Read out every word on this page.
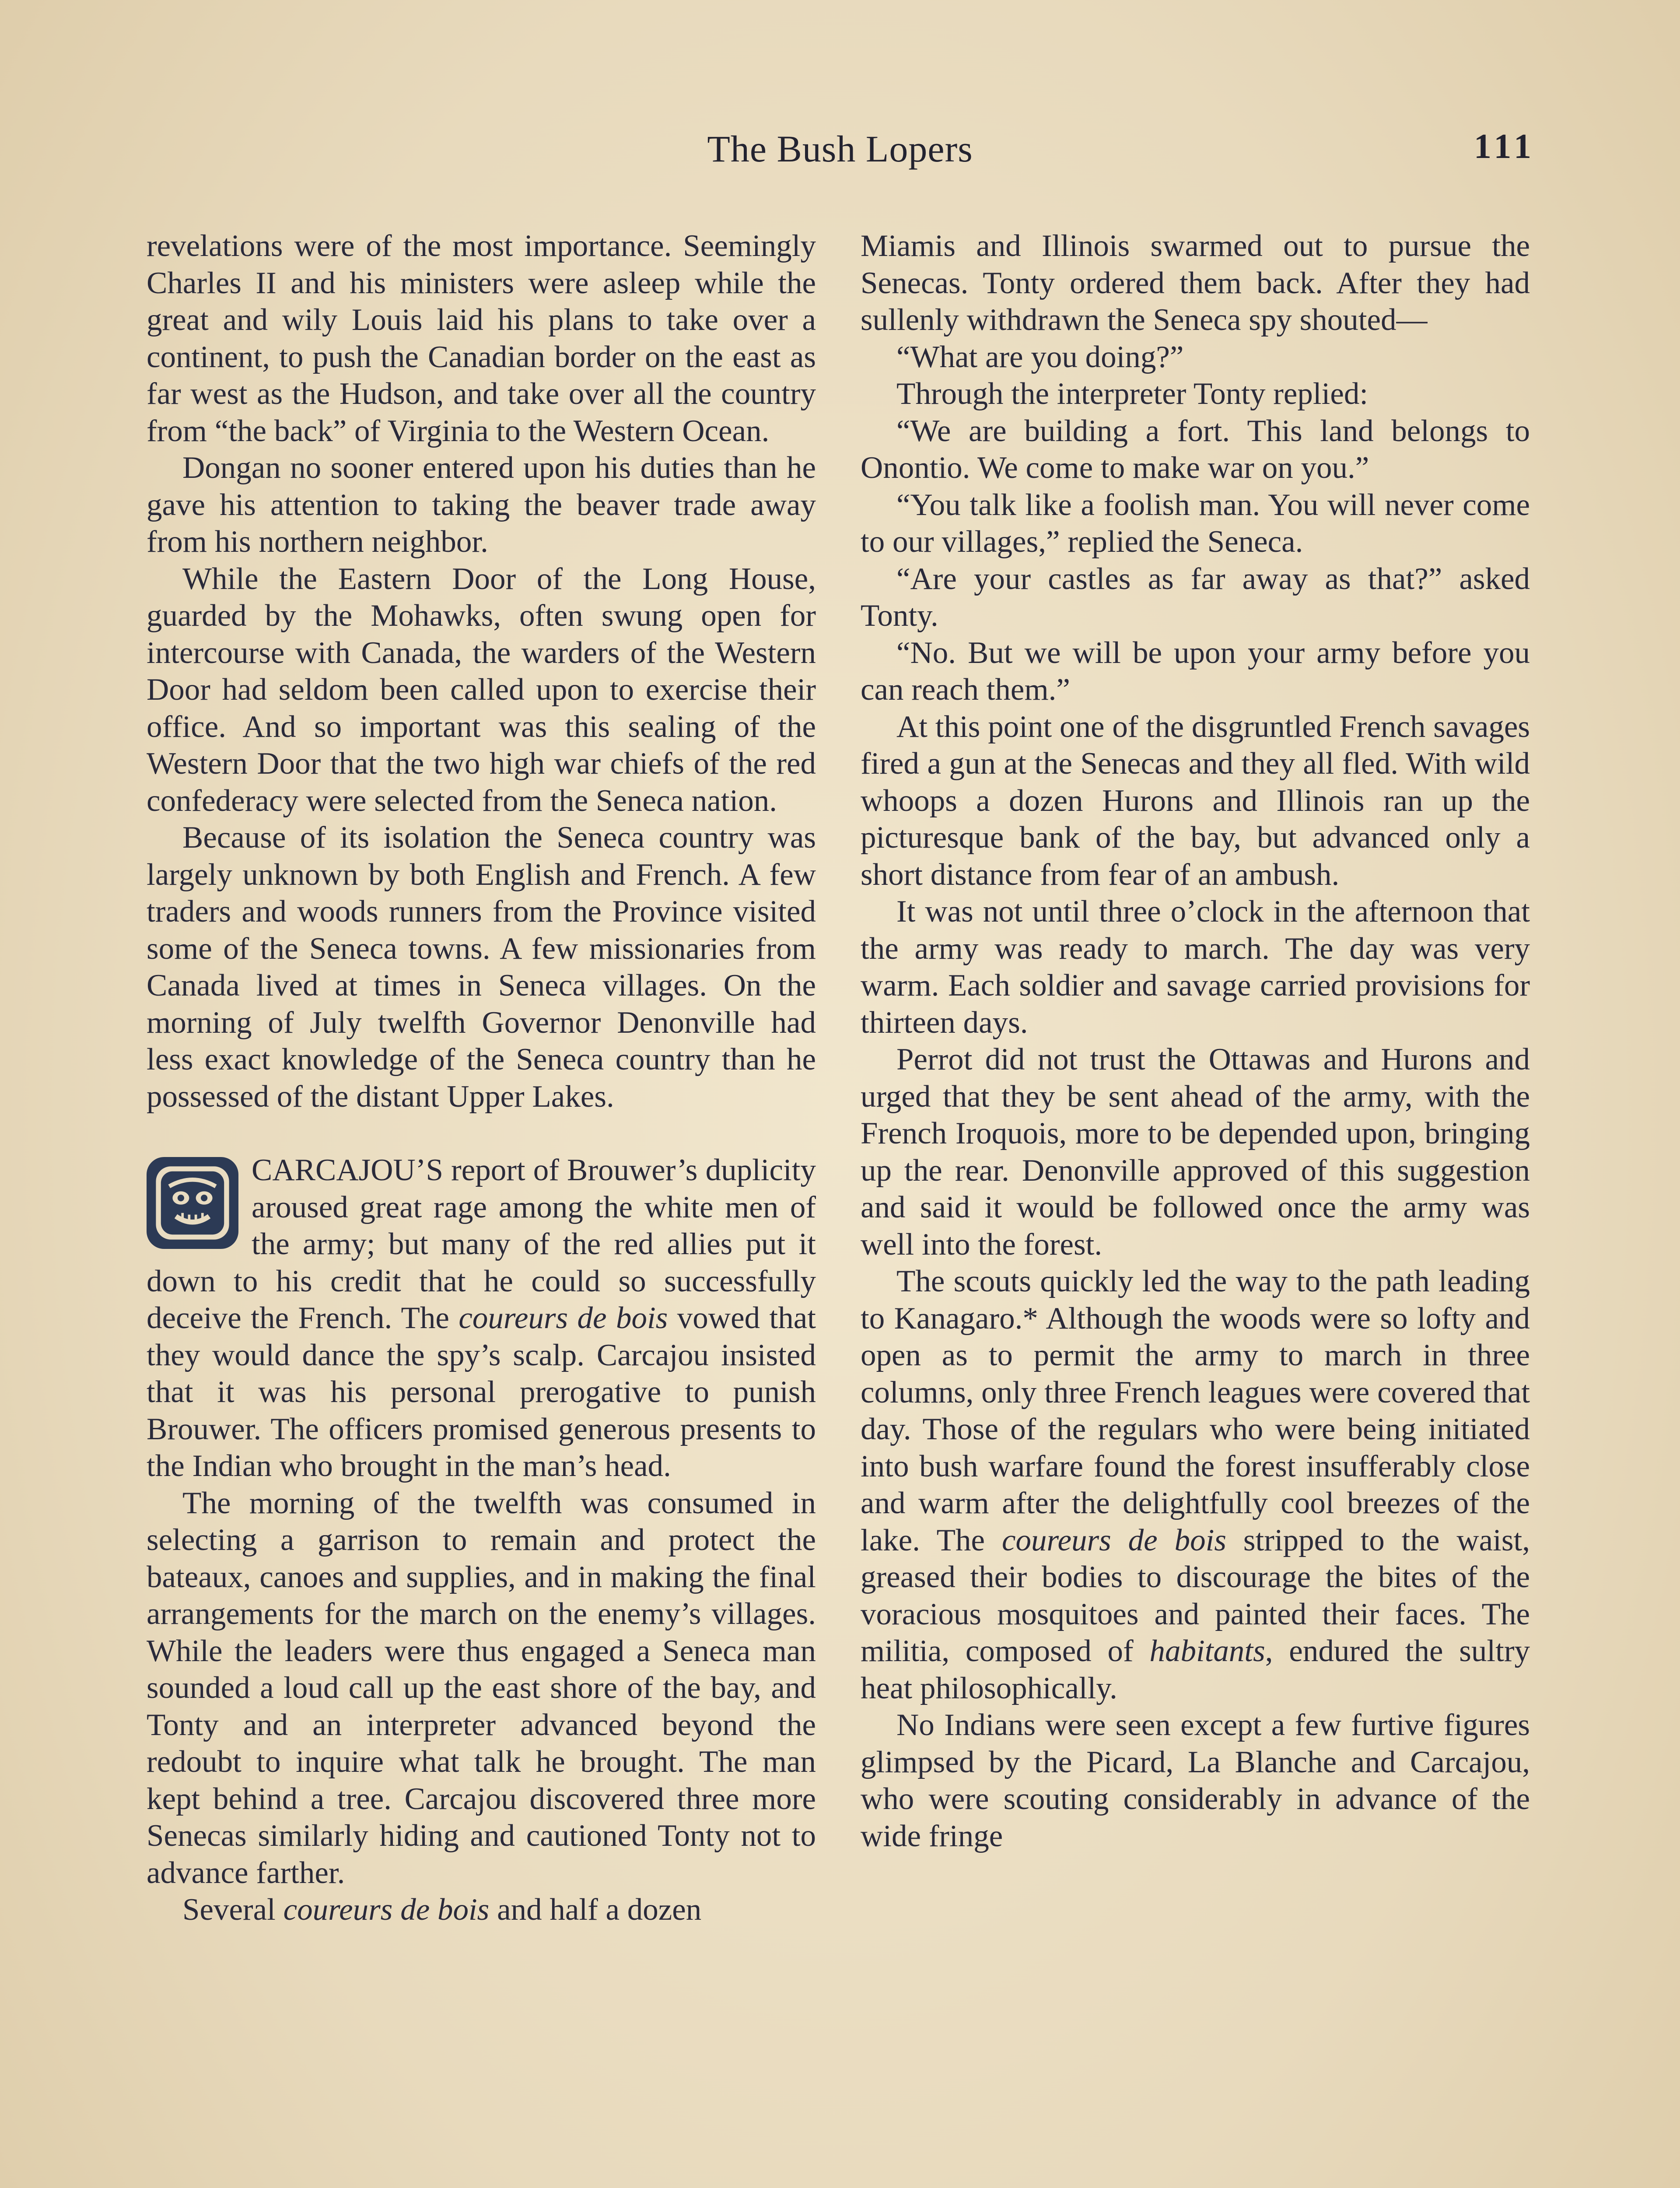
The Bush Lopers	111

revelations were of the most importance. Seemingly Charles II and his ministers were asleep while the great and wily Louis laid his plans to take over a continent, to push the Canadian border on the east as far west as the Hudson, and take over all the country from “the back” of Virginia to the Western Ocean.

Dongan no sooner entered upon his duties than he gave his attention to taking the beaver trade away from his northern neighbor.

While the Eastern Door of the Long House, guarded by the Mohawks, often swung open for intercourse with Canada, the warders of the Western Door had seldom been called upon to exercise their office. And so important was this sealing of the Western Door that the two high war chiefs of the red confederacy were selected from the Seneca nation.

Because of its isolation the Seneca country was largely unknown by both English and French. A few traders and woods runners from the Province visited some of the Seneca towns. A few missionaries from Canada lived at times in Seneca villages. On the morning of July twelfth Governor Denonville had less exact knowledge of the Seneca country than he possessed of the distant Upper Lakes.

CARCAJOU’S report of Brouwer’s duplicity aroused great rage among the white men of the army; but many of the red allies put it down to his credit that he could so successfully deceive the French. The coureurs de bois vowed that they would dance the spy’s scalp. Carcajou insisted that it was his personal prerogative to punish Brouwer. The officers promised generous presents to the Indian who brought in the man’s head.

The morning of the twelfth was consumed in selecting a garrison to remain and protect the bateaux, canoes and supplies, and in making the final arrangements for the march on the enemy’s villages. While the leaders were thus engaged a Seneca man sounded a loud call up the east shore of the bay, and Tonty and an interpreter advanced beyond the redoubt to inquire what talk he brought. The man kept behind a tree. Carcajou discovered three more Senecas similarly hiding and cautioned Tonty not to advance farther.

Several coureurs de bois and half a dozen

Miamis and Illinois swarmed out to pursue the Senecas. Tonty ordered them back. After they had sullenly withdrawn the Seneca spy shouted—

“What are you doing?”

Through the interpreter Tonty replied:

“We are building a fort. This land belongs to Onontio. We come to make war on you.”

“You talk like a foolish man. You will never come to our villages,” replied the Seneca.

“Are your castles as far away as that?” asked Tonty.

“No. But we will be upon your army before you can reach them.”

At this point one of the disgruntled French savages fired a gun at the Senecas and they all fled. With wild whoops a dozen Hurons and Illinois ran up the picturesque bank of the bay, but advanced only a short distance from fear of an ambush.

It was not until three o’clock in the afternoon that the army was ready to march. The day was very warm. Each soldier and savage carried provisions for thirteen days.

Perrot did not trust the Ottawas and Hurons and urged that they be sent ahead of the army, with the French Iroquois, more to be depended upon, bringing up the rear. Denonville approved of this suggestion and said it would be followed once the army was well into the forest.

The scouts quickly led the way to the path leading to Kanagaro.* Although the woods were so lofty and open as to permit the army to march in three columns, only three French leagues were covered that day. Those of the regulars who were being initiated into bush warfare found the forest insufferably close and warm after the delightfully cool breezes of the lake. The coureurs de bois stripped to the waist, greased their bodies to discourage the bites of the voracious mosquitoes and painted their faces. The militia, composed of habitants, endured the sultry heat philosophically.

No Indians were seen except a few furtive figures glimpsed by the Picard, La Blanche and Carcajou, who were scouting considerably in advance of the wide fringe
